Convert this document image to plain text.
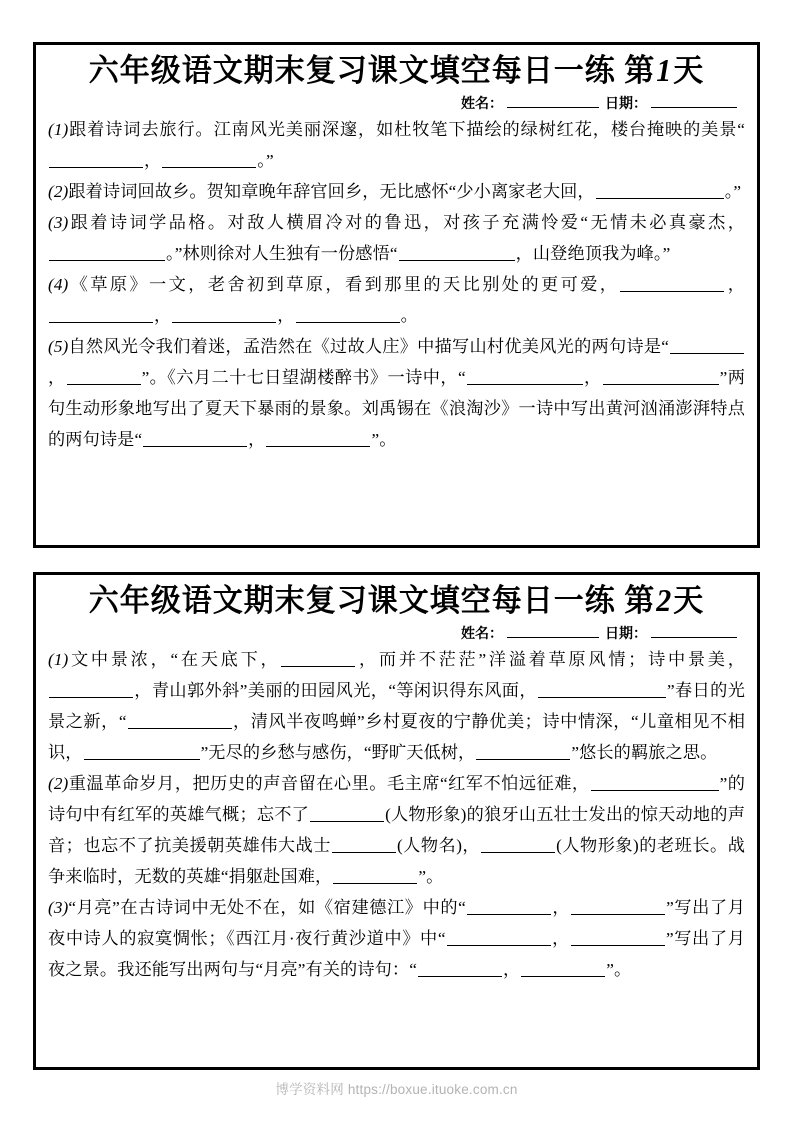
六年级语文期末复习课文填空每日一练 第1天
姓名：	日期：

(1)跟着诗词去旅行。江南风光美丽深邃，如杜牧笔下描绘的绿树红花，楼台掩映的美景“，	。”

(2)跟着诗词回故乡。贺知章晚年辞官回乡，无比感怀“少小离家老大回，	。”

(3)跟着诗词学品格。对敌人横眉冷对的鲁迅，对孩子充满怜爱“无情未必真豪杰，。”林则徐对人生独有一份感悟“	，山登绝顶我为峰。”

(4)《草原》一文，老舍初到草原，看到那里的天比别处的更可爱，	，，	，	。

(5)自然风光令我们着迷，孟浩然在《过故人庄》中描写山村优美风光的两句诗是“，	”。《六月二十七日望湖楼醉书》一诗中，“	，	”两句生动形象地写出了夏天下暴雨的景象。刘禹锡在《浪淘沙》一诗中写出黄河汹涌澎湃特点的两句诗是“	，	”。

六年级语文期末复习课文填空每日一练 第2天
姓名：	日期：

(1)文中景浓，“在天底下，	，而并不茫茫”洋溢着草原风情；诗中景美，，青山郭外斜”美丽的田园风光，“等闲识得东风面，	”春日的光景之新，“	，清风半夜鸣蝉”乡村夏夜的宁静优美；诗中情深，“儿童相见不相识，	”无尽的乡愁与感伤，“野旷天低树，	”悠长的羁旅之思。

(2)重温革命岁月，把历史的声音留在心里。毛主席“红军不怕远征难，	”的诗句中有红军的英雄气概；忘不了	(人物形象)的狼牙山五壮士发出的惊天动地的声音；也忘不了抗美援朝英雄伟大战士	(人物名)，	(人物形象)的老班长。战争来临时，无数的英雄“捐躯赴国难，	”。

(3)“月亮”在古诗词中无处不在，如《宿建德江》中的“	，	”写出了月夜中诗人的寂寞惆怅；《西江月·夜行黄沙道中》中“	，	”写出了月夜之景。我还能写出两句与“月亮”有关的诗句：“	，	”。

博学资料网 https://boxue.ituoke.com.cn
